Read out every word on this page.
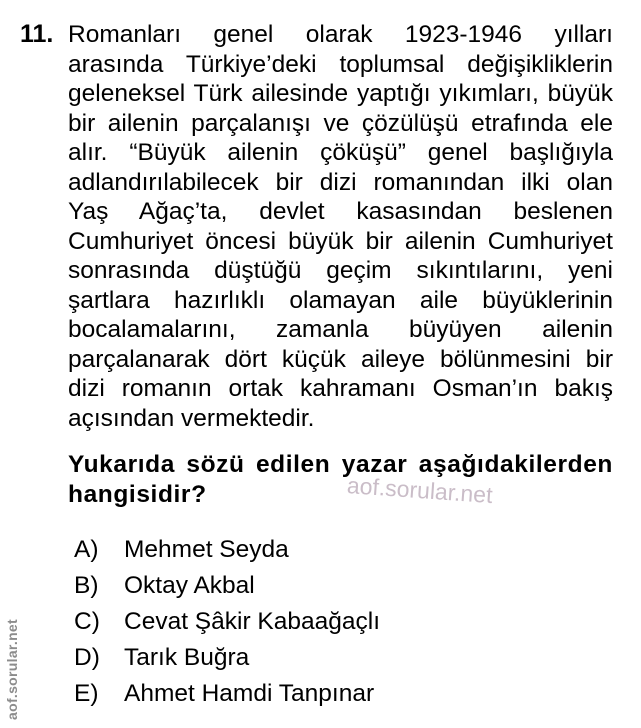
11. Romanları genel olarak 1923-1946 yılları
arasında Türkiye’deki toplumsal değişikliklerin
geleneksel Türk ailesinde yaptığı yıkımları, büyük
bir ailenin parçalanışı ve çözülüşü etrafında ele
alır. “Büyük ailenin çöküşü” genel başlığıyla
adlandırılabilecek bir dizi romanından ilki olan
Yaş Ağaç’ta, devlet kasasından beslenen
Cumhuriyet öncesi büyük bir ailenin Cumhuriyet
sonrasında düştüğü geçim sıkıntılarını, yeni
şartlara hazırlıklı olamayan aile büyüklerinin
bocalamalarını, zamanla büyüyen ailenin
parçalanarak dört küçük aileye bölünmesini bir
dizi romanın ortak kahramanı Osman’ın bakış
açısından vermektedir.
Yukarıda sözü edilen yazar aşağıdakilerden
hangisidir?	aof.sorular.net
A)	Mehmet Seyda
B)	Oktay Akbal
C) Cevat Şâkir Kabaağaçlı
D) Tarık Buğra
E)	Ahmet Hamdi Tanpınar
aof.sorular.net
